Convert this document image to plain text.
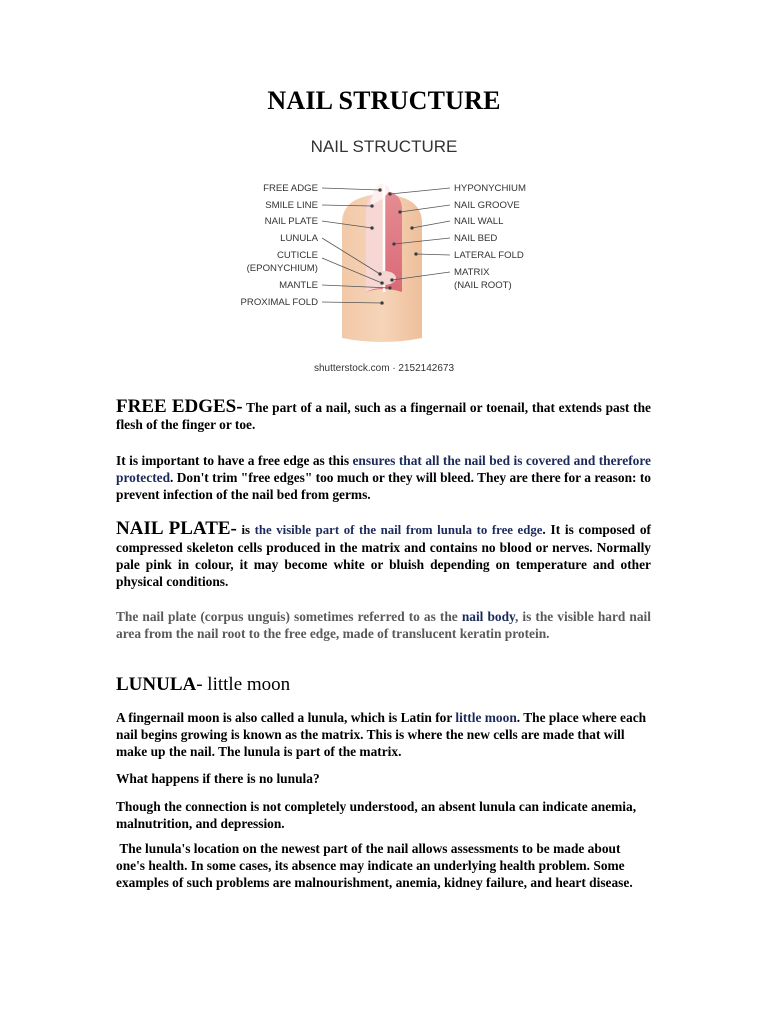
NAIL STRUCTURE
NAIL STRUCTURE
FREE ADGE
SMILE LINE
NAIL PLATE
LUNULA
CUTICLE
(EPONYCHIUM)
MANTLE
PROXIMAL FOLD
HYPONYCHIUM
NAIL GROOVE
NAIL WALL
NAIL BED
LATERAL FOLD
MATRIX
(NAIL ROOT)
shutterstock.com · 2152142673
FREE EDGES- The part of a nail, such as a fingernail or toenail, that extends past the flesh of the finger or toe.
It is important to have a free edge as this ensures that all the nail bed is covered and therefore protected. Don't trim "free edges" too much or they will bleed. They are there for a reason: to prevent infection of the nail bed from germs.
NAIL PLATE- is the visible part of the nail from lunula to free edge. It is composed of compressed skeleton cells produced in the matrix and contains no blood or nerves. Normally pale pink in colour, it may become white or bluish depending on temperature and other physical conditions.
The nail plate (corpus unguis) sometimes referred to as the nail body, is the visible hard nail area from the nail root to the free edge, made of translucent keratin protein.
LUNULA- little moon
A fingernail moon is also called a lunula, which is Latin for little moon. The place where each nail begins growing is known as the matrix. This is where the new cells are made that will make up the nail. The lunula is part of the matrix.
What happens if there is no lunula?
Though the connection is not completely understood, an absent lunula can indicate anemia, malnutrition, and depression.
The lunula's location on the newest part of the nail allows assessments to be made about one's health. In some cases, its absence may indicate an underlying health problem. Some examples of such problems are malnourishment, anemia, kidney failure, and heart disease.
